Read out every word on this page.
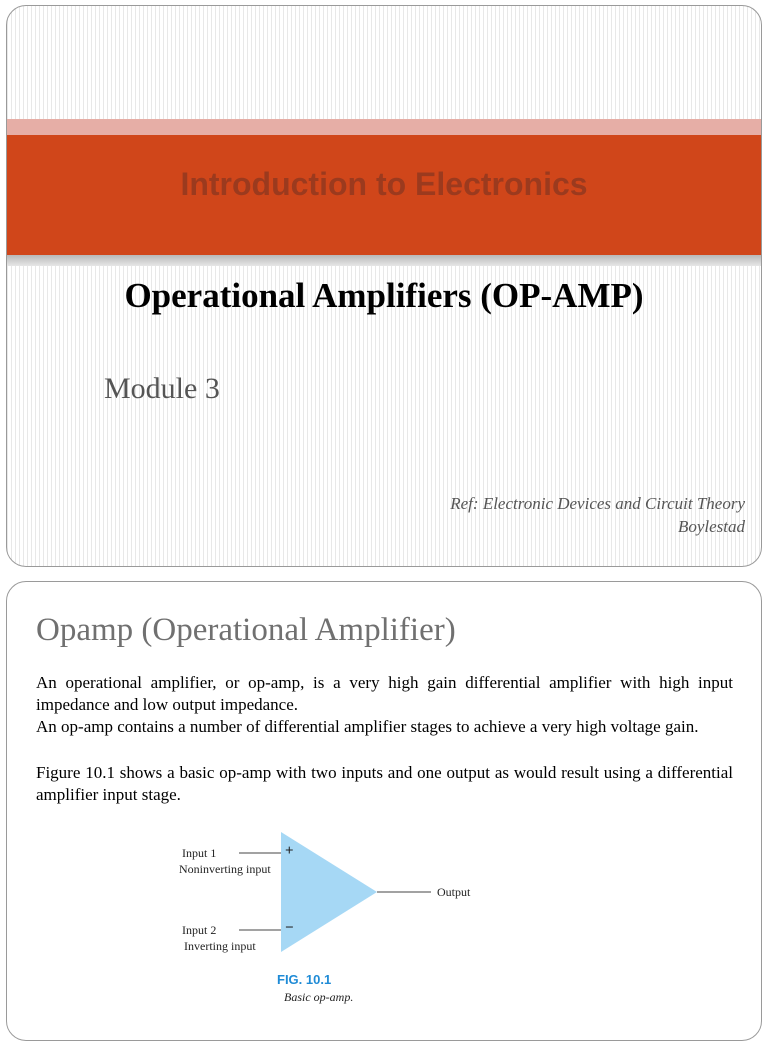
Introduction to Electronics
Operational Amplifiers (OP-AMP)
Module 3
Ref: Electronic Devices and Circuit Theory
Boylestad
Opamp (Operational Amplifier)

An operational amplifier, or op-amp, is a very high gain differential amplifier with high input impedance and low output impedance.

An op-amp contains a number of differential amplifier stages to achieve a very high voltage gain.

Figure 10.1 shows a basic op-amp with two inputs and one output as would result using a differential amplifier input stage.

Input 1
Noninverting input
Input 2
Inverting input
+
−
Output
FIG. 10.1
Basic op-amp.
